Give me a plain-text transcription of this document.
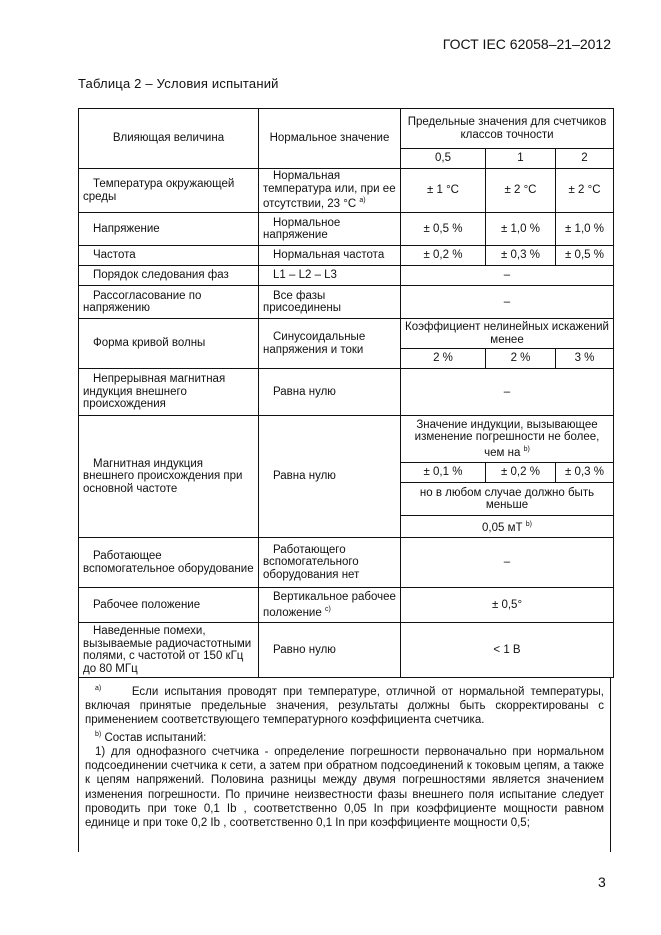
ГОСТ IEC 62058–21–2012
Таблица 2 – Условия испытаний
Влияющая величина	Нормальное значение	Предельные значения для счетчиков классов точности		
		0,5	1	2
Температура окружающей среды	Нормальная температура или, при ее отсутствии, 23 °С $^{a)}$	± 1 °С	± 2 °С	± 2 °С
Напряжение	Нормальное напряжение	± 0,5 %	± 1,0 %	± 1,0 %
Частота	Нормальная частота	± 0,2 %	± 0,3 %	± 0,5 %
Порядок следования фаз	L1 – L2 – L3	–		
Рассогласование по напряжению	Все фазы присоединены	–		
Форма кривой волны	Синусоидальные напряжения и токи	Коэффициент нелинейных искажений менее		
		2 %	2 %	3 %
Непрерывная магнитная индукция внешнего происхождения	Равна нулю	–		
Магнитная индукция внешнего происхождения при основной частоте	Равна нулю	Значение индукции, вызывающее изменение погрешности не более, чем на $^{b)}$
		± 0,1 %	± 0,2 %	± 0,3 %
		но в любом случае должно быть меньше		
		0,05 мТ $^{b)}$
Работающее вспомогательное оборудование	Работающего вспомогательного оборудования нет	–		
Рабочее положение	Вертикальное рабочее положение $^{c)}$	± 0,5°		
Наведенные помехи, вызываемые радиочастотными полями, с частотой от 150 кГц до 80 МГц	Равно нулю	< 1 В		

$^{a)}$	Если испытания проводят при температуре, отличной от нормальной температуры, включая принятые предельные значения, результаты должны быть скорректированы с применением соответствующего температурного коэффициента счетчика.

$^{b)}$ Состав испытаний:

1) для однофазного счетчика - определение погрешности первоначально при нормальном подсоединении счетчика к сети, а затем при обратном подсоединений к токовым цепям, а также к цепям напряжений. Половина разницы между двумя погрешностями является значением изменения погрешности. По причине неизвестности фазы внешнего поля испытание следует проводить при токе 0,1 Ib , соответственно 0,05 In при коэффициенте мощности равном единице и при токе 0,2 Ib , соответственно 0,1 In при коэффициенте мощности 0,5;

3
